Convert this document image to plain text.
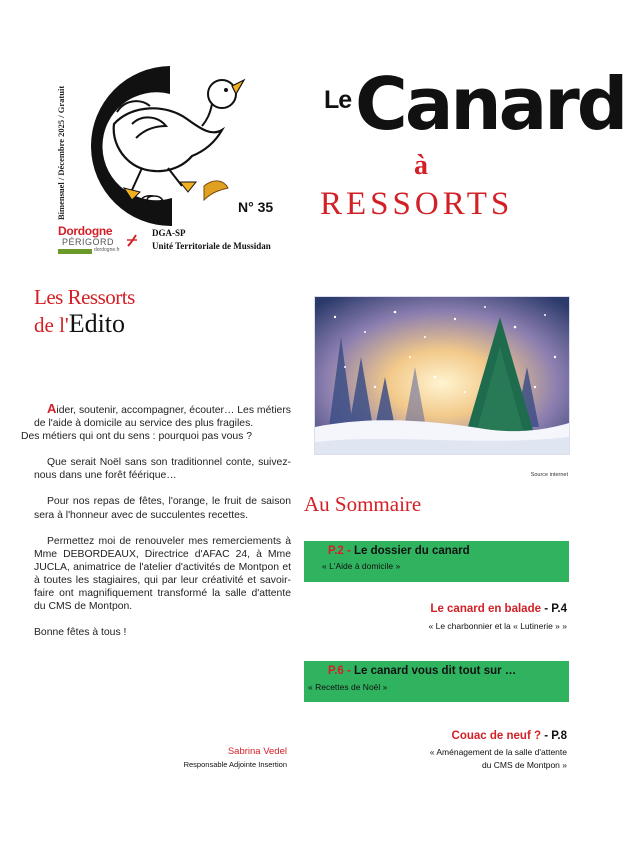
Bimensuel / Décembre 2025 / Gratuit	N° 35
Le Canard
à
RESSORTS
Dordogne
PÉRIGORD
dordogne.fr
DGA-SP
Unité Territoriale de Mussidan
Les Ressorts
de l'Edito

Aider, soutenir, accompagner, écouter… Les métiers de l'aide à domicile au service des plus fragiles.
Des métiers qui ont du sens : pourquoi pas vous ?

Que serait Noël sans son traditionnel conte, suivez-nous dans une forêt féérique…

Pour nos repas de fêtes, l'orange, le fruit de saison sera à l'honneur avec de succulentes recettes.

Permettez moi de renouveler mes remerciements à Mme DEBORDEAUX, Directrice d'AFAC 24, à Mme JUCLA, animatrice de l'atelier d'activités de Montpon et à toutes les stagiaires, qui par leur créativité et savoir-faire ont magnifiquement transformé la salle d'attente du CMS de Montpon.

Bonne fêtes à tous !

Sabrina Vedel
Responsable Adjointe Insertion
Source internet
Au Sommaire
P.2 - Le dossier du canard
« L'Aide à domicile »
Le canard en balade - P.4
« Le charbonnier et la « Lutinerie » »
P.6 - Le canard vous dit tout sur …
« Recettes de Noël »
Couac de neuf ? - P.8
« Aménagement de la salle d'attente
du CMS de Montpon »
